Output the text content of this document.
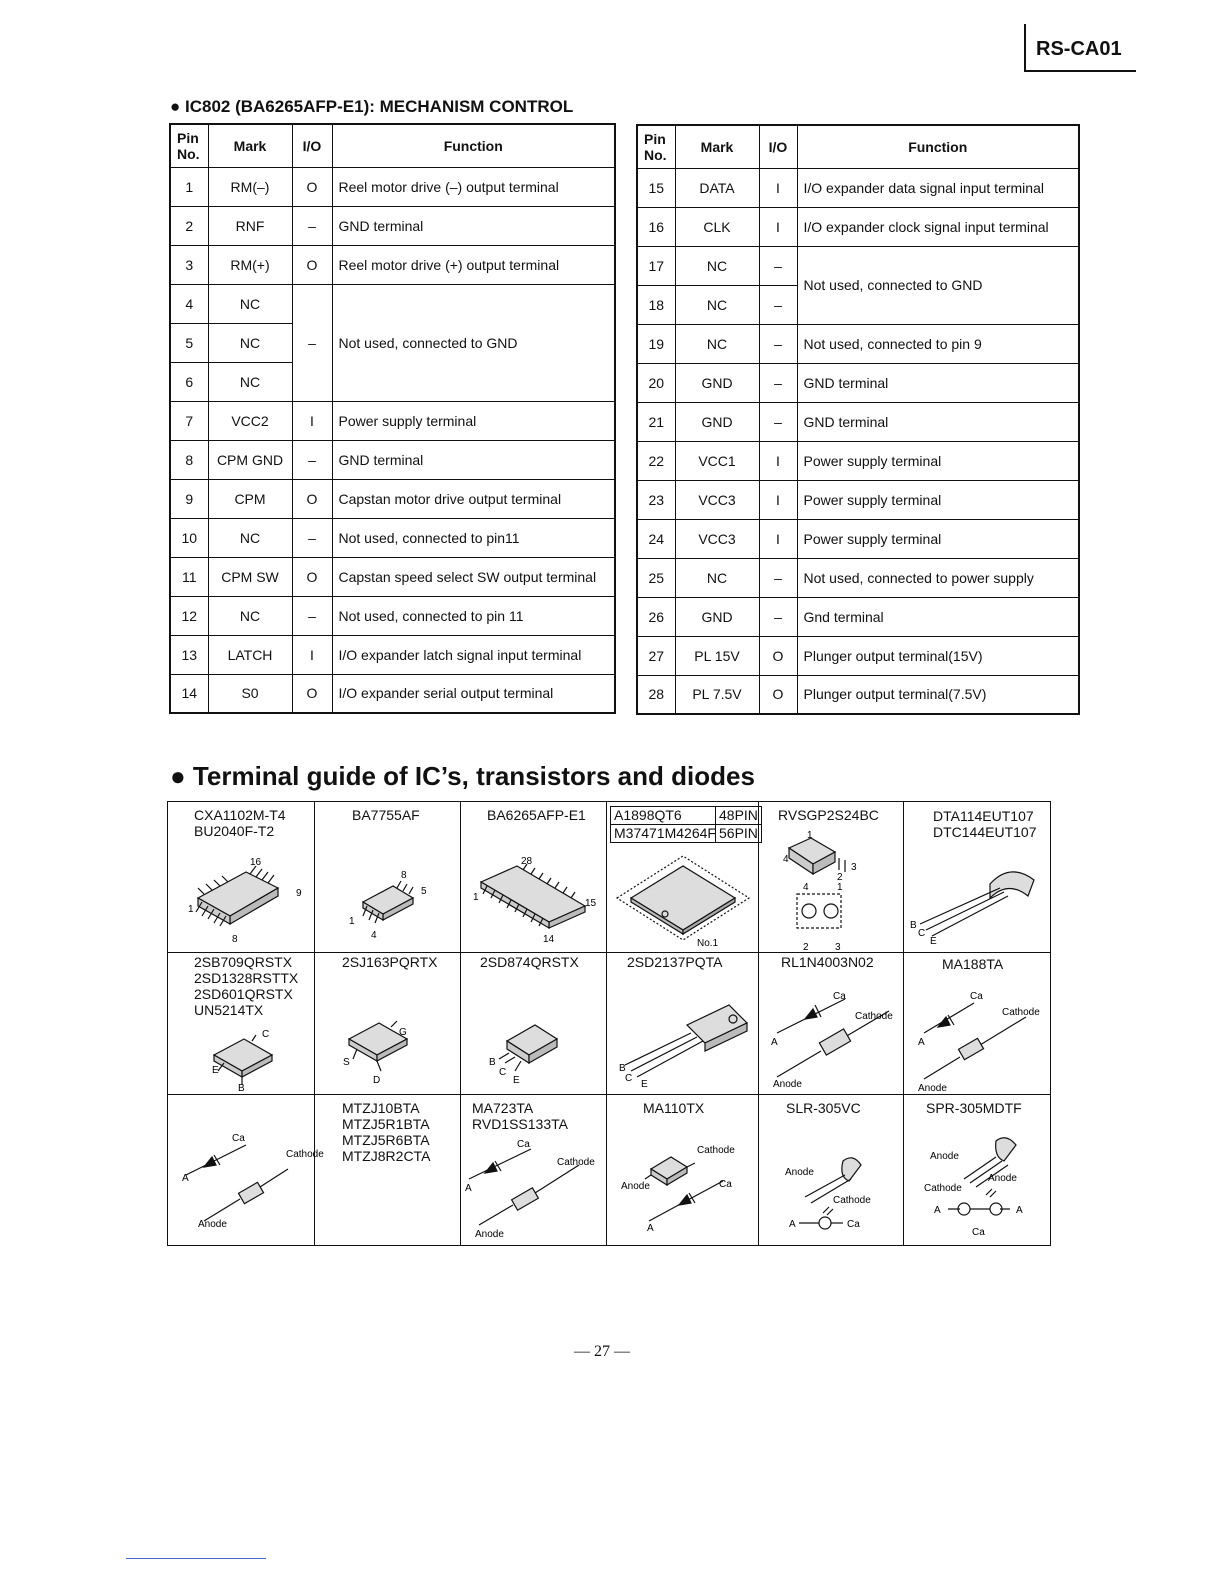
RS-CA01
● IC802 (BA6265AFP-E1): MECHANISM CONTROL
Pin
No.	Mark	I/O	Function
1	RM(–)	O	Reel motor drive (–) output terminal
2	RNF	–	GND terminal
3	RM(+)	O	Reel motor drive (+) output terminal
4	NC	–	Not used, connected to GND
5	NC		
6	NC		
7	VCC2	I	Power supply terminal
8	CPM GND	–	GND terminal
9	CPM	O	Capstan motor drive output terminal
10	NC	–	Not used, connected to pin11
11	CPM SW	O	Capstan speed select SW output terminal
12	NC	–	Not used, connected to pin 11
13	LATCH	I	I/O expander latch signal input terminal
14	S0	O	I/O expander serial output terminal
Pin
No.	Mark	I/O	Function
15	DATA	I	I/O expander data signal input terminal
16	CLK	I	I/O expander clock signal input terminal
17	NC	–	Not used, connected to GND
18	NC	–	
19	NC	–	Not used, connected to pin 9
20	GND	–	GND terminal
21	GND	–	GND terminal
22	VCC1	I	Power supply terminal
23	VCC3	I	Power supply terminal
24	VCC3	I	Power supply terminal
25	NC	–	Not used, connected to power supply
26	GND	–	Gnd terminal
27	PL 15V	O	Plunger output terminal(15V)
28	PL 7.5V	O	Plunger output terminal(7.5V)
● Terminal guide of IC’s, transistors and diodes
CXA1102M-T4
BU2040F-T2
16
9
1
8
BA7755AF
8
5
1
4
BA6265AFP-E1
28
15
1
14
A1898QT6	48PIN
M37471M4264F 56PIN
No.1
RVSGP2S24BC
1
4
2
3
4	1
2	3
DTA114EUT107
DTC144EUT107
B
C
E
2SB709QRSTX
2SD1328RSTTX
2SD601QRSTX
UN5214TX
C
E
B
2SJ163PQRTX
G
S
D
2SD874QRSTX
B
C
E
2SD2137PQTA
B
C
E
RL1N4003N02
Ca
Cathode
A
Anode
MA188TA
Ca
Cathode
A
Anode
Ca
Cathode
A
Anode
MTZJ10BTA
MTZJ5R1BTA
MTZJ5R6BTA
MTZJ8R2CTA
MA723TA
RVD1SS133TA
Ca
Cathode
A
Anode
MA110TX
Cathode
Anode	Ca
A
SLR-305VC
Anode
Cathode
A	Ca
SPR-305MDTF
Anode
Anode
Cathode
A	A
Ca
— 27 —
